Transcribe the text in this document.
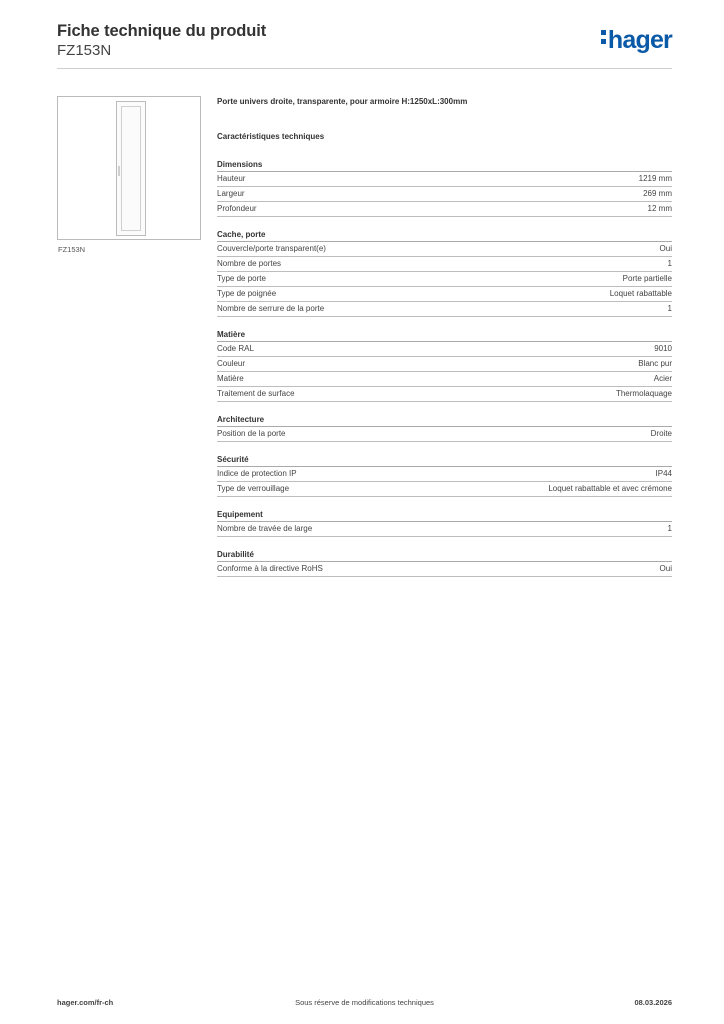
Fiche technique du produit
FZ153N	hager
FZ153N
Porte univers droite, transparente, pour armoire H:1250xL:300mm
Caractéristiques techniques
Dimensions
Hauteur	1219 mm
Largeur	269 mm
Profondeur	12 mm
Cache, porte
Couvercle/porte transparent(e)	Oui
Nombre de portes	1
Type de porte	Porte partielle
Type de poignée	Loquet rabattable
Nombre de serrure de la porte	1
Matière
Code RAL	9010
Couleur	Blanc pur
Matière	Acier
Traitement de surface	Thermolaquage
Architecture
Position de la porte	Droite
Sécurité
Indice de protection IP	IP44
Type de verrouillage	Loquet rabattable et avec crémone
Equipement
Nombre de travée de large	1
Durabilité
Conforme à la directive RoHS	Oui
hager.com/fr-ch	Sous réserve de modifications techniques	08.03.2026
